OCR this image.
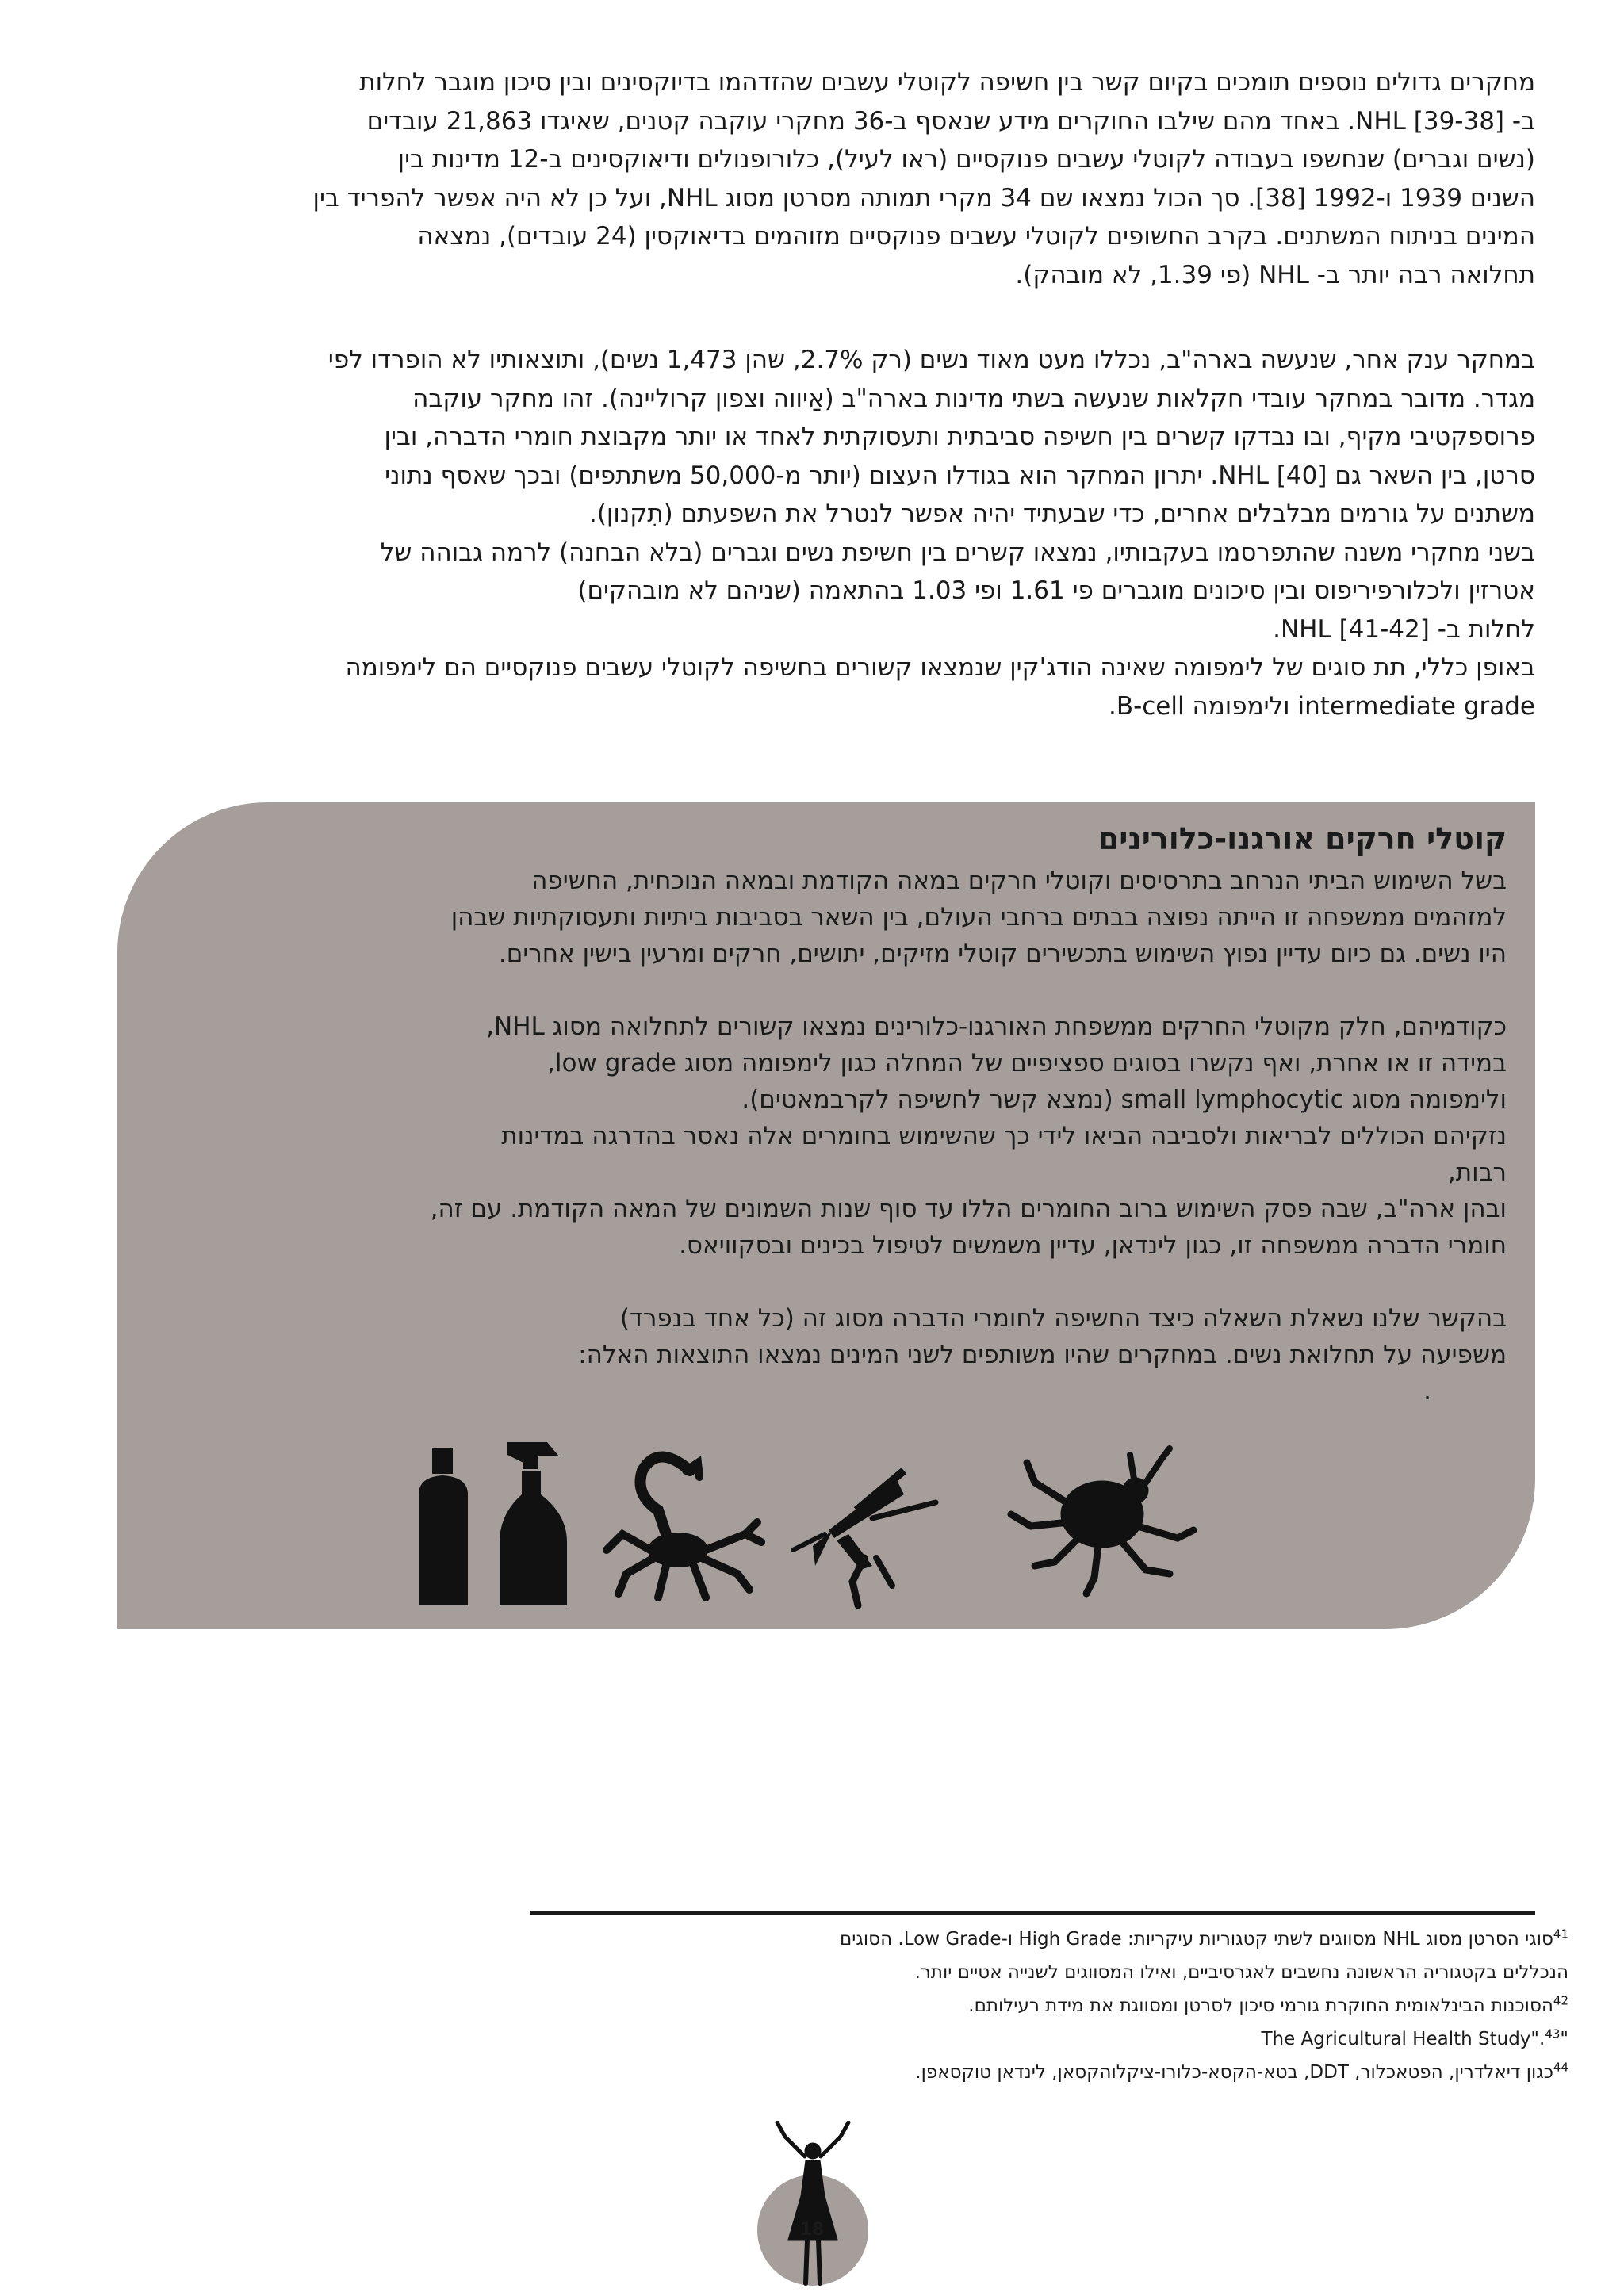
מחקרים גדולים נוספים תומכים בקיום קשר בין חשיפה לקוטלי עשבים שהזדהמו בדיוקסינים ובין סיכון מוגבר לחלות
ב- NHL [39-38]. באחד מהם שילבו החוקרים מידע שנאסף ב-36 מחקרי עוקבה קטנים, שאיגדו 21,863 עובדים
(נשים וגברים) שנחשפו בעבודה לקוטלי עשבים פנוקסיים (ראו לעיל), כלורופנולים ודיאוקסינים ב-12 מדינות בין
השנים 1939 ו-1992 [38]. סך הכול נמצאו שם 34 מקרי תמותה מסרטן מסוג NHL, ועל כן לא היה אפשר להפריד בין
המינים בניתוח המשתנים. בקרב החשופים לקוטלי עשבים פנוקסיים מזוהמים בדיאוקסין (24 עובדים), נמצאה
תחלואה רבה יותר ב- NHL (פי 1.39, לא מובהק).
במחקר ענק אחר, שנעשה בארה"ב, נכללו מעט מאוד נשים (רק 2.7%, שהן 1,473 נשים), ותוצאותיו לא הופרדו לפי
מגדר. מדובר במחקר עובדי חקלאות שנעשה בשתי מדינות בארה"ב (אַיווה וצפון קרוליינה). זהו מחקר עוקבה
פרוספקטיבי מקיף, ובו נבדקו קשרים בין חשיפה סביבתית ותעסוקתית לאחד או יותר מקבוצת חומרי הדברה, ובין
סרטן, בין השאר גם [40] NHL. יתרון המחקר הוא בגודלו העצום (יותר מ-50,000 משתתפים) ובכך שאסף נתוני
משתנים על גורמים מבלבלים אחרים, כדי שבעתיד יהיה אפשר לנטרל את השפעתם (תִקנון).
בשני מחקרי משנה שהתפרסמו בעקבותיו, נמצאו קשרים בין חשיפת נשים וגברים (בלא הבחנה) לרמה גבוהה של
אטרזין ולכלורפיריפוס ובין סיכונים מוגברים פי 1.61 ופי 1.03 בהתאמה (שניהם לא מובהקים)
לחלות ב- NHL [41-42].
באופן כללי, תת סוגים של לימפומה שאינה הודג'קין שנמצאו קשורים בחשיפה לקוטלי עשבים פנוקסיים הם לימפומה
intermediate grade ולימפומה B-cell.

קוטלי חרקים אורגנו-כלורינים

בשל השימוש הביתי הנרחב בתרסיסים וקוטלי חרקים במאה הקודמת ובמאה הנוכחית, החשיפה
למזהמים ממשפחה זו הייתה נפוצה בבתים ברחבי העולם, בין השאר בסביבות ביתיות ותעסוקתיות שבהן
היו נשים. גם כיום עדיין נפוץ השימוש בתכשירים קוטלי מזיקים, יתושים, חרקים ומרעין בישין אחרים.
כקודמיהם, חלק מקוטלי החרקים ממשפחת האורגנו-כלורינים נמצאו קשורים לתחלואה מסוג NHL,
במידה זו או אחרת, ואף נקשרו בסוגים ספציפיים של המחלה כגון לימפומה מסוג low grade,
ולימפומה מסוג small lymphocytic (נמצא קשר לחשיפה לקרבמאטים).
נזקיהם הכוללים לבריאות ולסביבה הביאו לידי כך שהשימוש בחומרים אלה נאסר בהדרגה במדינות
רבות,
ובהן ארה"ב, שבה פסק השימוש ברוב החומרים הללו עד סוף שנות השמונים של המאה הקודמת. עם זה,
חומרי הדברה ממשפחה זו, כגון לינדאן, עדיין משמשים לטיפול בכינים ובסקוויאס.
בהקשר שלנו נשאלת השאלה כיצד החשיפה לחומרי הדברה מסוג זה (כל אחד בנפרד)
משפיעה על תחלואת נשים. במחקרים שהיו משותפים לשני המינים נמצאו התוצאות האלה:
.
$^{41}$סוגי הסרטן מסוג NHL מסווגים לשתי קטגוריות עיקריות: High Grade ו-Low Grade. הסוגים
הנכללים בקטגוריה הראשונה נחשבים לאגרסיביים, ואילו המסווגים לשנייה אטיים יותר.
$^{42}$הסוכנות הבינלאומית החוקרת גורמי סיכון לסרטן ומסווגת את מידת רעילותם.
"The Agricultural Health Study".$^{43}$
$^{44}$כגון דיאלדרין, הפטאכלור, DDT, בטא-הקסא-כלורו-ציקלוהקסאן, לינדאן טוקסאפן.
18
